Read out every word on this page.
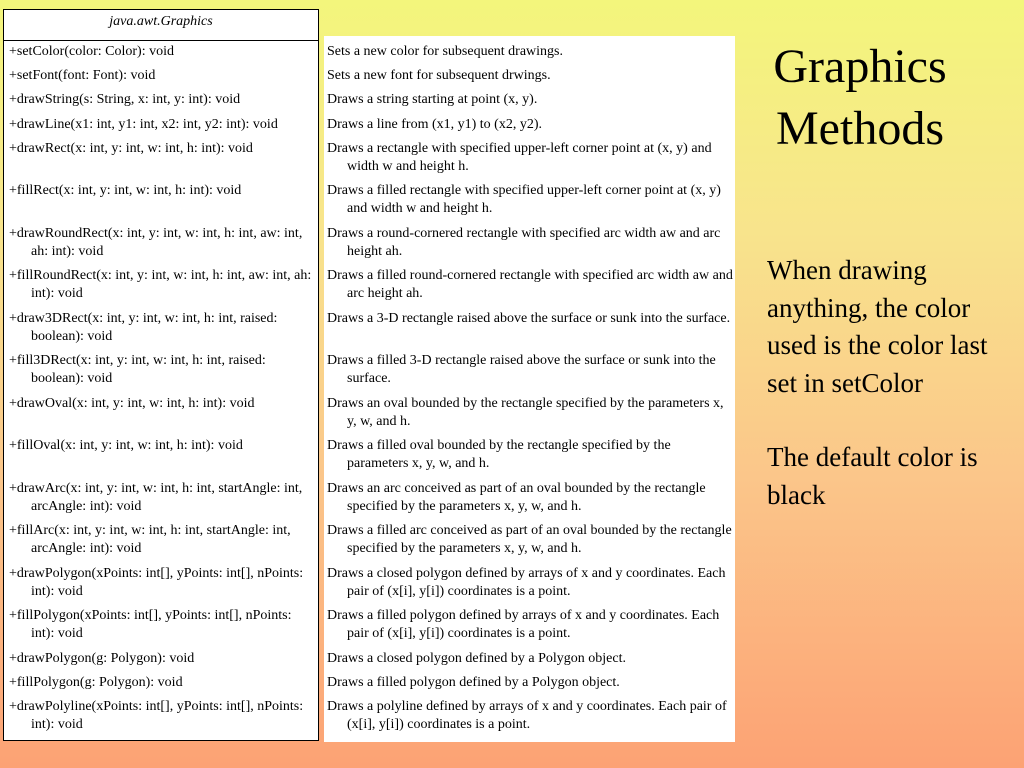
java.awt.Graphics
+setColor(color: Color): void
+setFont(font: Font): void
+drawString(s: String, x: int, y: int): void
+drawLine(x1: int, y1: int, x2: int, y2: int): void
+drawRect(x: int, y: int, w: int, h: int): void
+fillRect(x: int, y: int, w: int, h: int): void
+drawRoundRect(x: int, y: int, w: int, h: int, aw: int, ah: int): void
+fillRoundRect(x: int, y: int, w: int, h: int, aw: int, ah: int): void
+draw3DRect(x: int, y: int, w: int, h: int, raised: boolean): void
+fill3DRect(x: int, y: int, w: int, h: int, raised: boolean): void
+drawOval(x: int, y: int, w: int, h: int): void
+fillOval(x: int, y: int, w: int, h: int): void
+drawArc(x: int, y: int, w: int, h: int, startAngle: int, arcAngle: int): void
+fillArc(x: int, y: int, w: int, h: int, startAngle: int, arcAngle: int): void
+drawPolygon(xPoints: int[], yPoints: int[], nPoints: int): void
+fillPolygon(xPoints: int[], yPoints: int[], nPoints: int): void
+drawPolygon(g: Polygon): void
+fillPolygon(g: Polygon): void
+drawPolyline(xPoints: int[], yPoints: int[], nPoints: int): void
Sets a new color for subsequent drawings.
Sets a new font for subsequent drwings.
Draws a string starting at point (x, y).
Draws a line from (x1, y1) to (x2, y2).
Draws a rectangle with specified upper-left corner point at (x, y) and width w and height h.
Draws a filled rectangle with specified upper-left corner point at (x, y) and width w and height h.
Draws a round-cornered rectangle with specified arc width aw and arc height ah.
Draws a filled round-cornered rectangle with specified arc width aw and arc height ah.
Draws a 3-D rectangle raised above the surface or sunk into the surface.
Draws a filled 3-D rectangle raised above the surface or sunk into the surface.
Draws an oval bounded by the rectangle specified by the parameters x, y, w, and h.
Draws a filled oval bounded by the rectangle specified by the parameters x, y, w, and h.
Draws an arc conceived as part of an oval bounded by the rectangle specified by the parameters x, y, w, and h.
Draws a filled arc conceived as part of an oval bounded by the rectangle specified by the parameters x, y, w, and h.
Draws a closed polygon defined by arrays of x and y coordinates. Each pair of (x[i], y[i]) coordinates is a point.
Draws a filled polygon defined by arrays of x and y coordinates. Each pair of (x[i], y[i]) coordinates is a point.
Draws a closed polygon defined by a Polygon object.
Draws a filled polygon defined by a Polygon object.
Draws a polyline defined by arrays of x and y coordinates. Each pair of (x[i], y[i]) coordinates is a point.
Graphics
Methods
When drawing anything, the color used is the color last set in setColor
The default color is black
